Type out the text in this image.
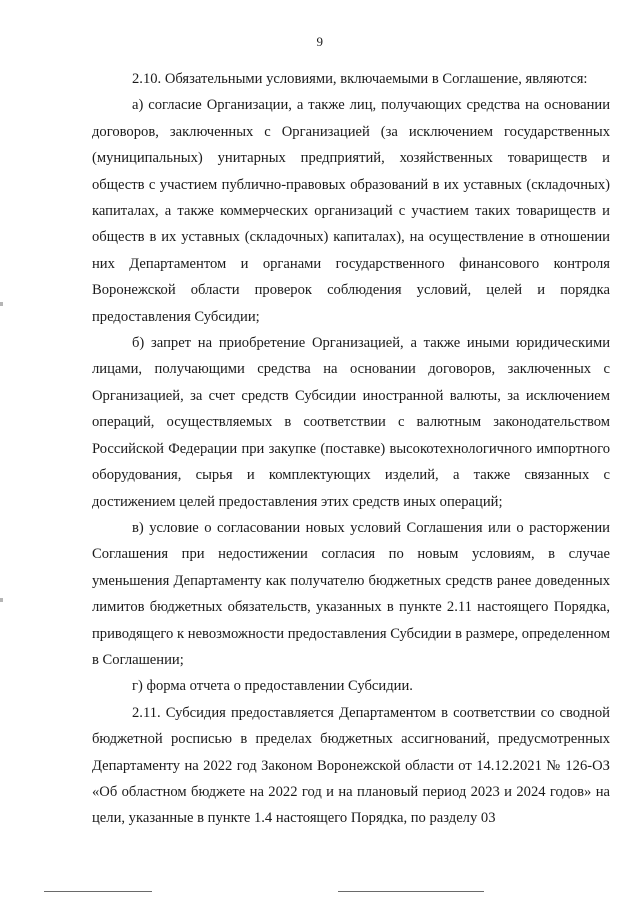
9

2.10. Обязательными условиями, включаемыми в Соглашение, являются:

а) согласие Организации, а также лиц, получающих средства на основании договоров, заключенных с Организацией (за исключением государственных (муниципальных) унитарных предприятий, хозяйственных товариществ и обществ с участием публично-правовых образований в их уставных (складочных) капиталах, а также коммерческих организаций с участием таких товариществ и обществ в их уставных (складочных) капиталах), на осуществление в отношении них Департаментом и органами государственного финансового контроля Воронежской области проверок соблюдения условий, целей и порядка предоставления Субсидии;

б) запрет на приобретение Организацией, а также иными юридическими лицами, получающими средства на основании договоров, заключенных с Организацией, за счет средств Субсидии иностранной валюты, за исключением операций, осуществляемых в соответствии с валютным законодательством Российской Федерации при закупке (поставке) высокотехнологичного импортного оборудования, сырья и комплектующих изделий, а также связанных с достижением целей предоставления этих средств иных операций;

в) условие о согласовании новых условий Соглашения или о расторжении Соглашения при недостижении согласия по новым условиям, в случае уменьшения Департаменту как получателю бюджетных средств ранее доведенных лимитов бюджетных обязательств, указанных в пункте 2.11 настоящего Порядка, приводящего к невозможности предоставления Субсидии в размере, определенном в Соглашении;

г) форма отчета о предоставлении Субсидии.

2.11. Субсидия предоставляется Департаментом в соответствии со сводной бюджетной росписью в пределах бюджетных ассигнований, предусмотренных Департаменту на 2022 год Законом Воронежской области от 14.12.2021 № 126-ОЗ «Об областном бюджете на 2022 год и на плановый период 2023 и 2024 годов» на цели, указанные в пункте 1.4 настоящего Порядка, по разделу 03
